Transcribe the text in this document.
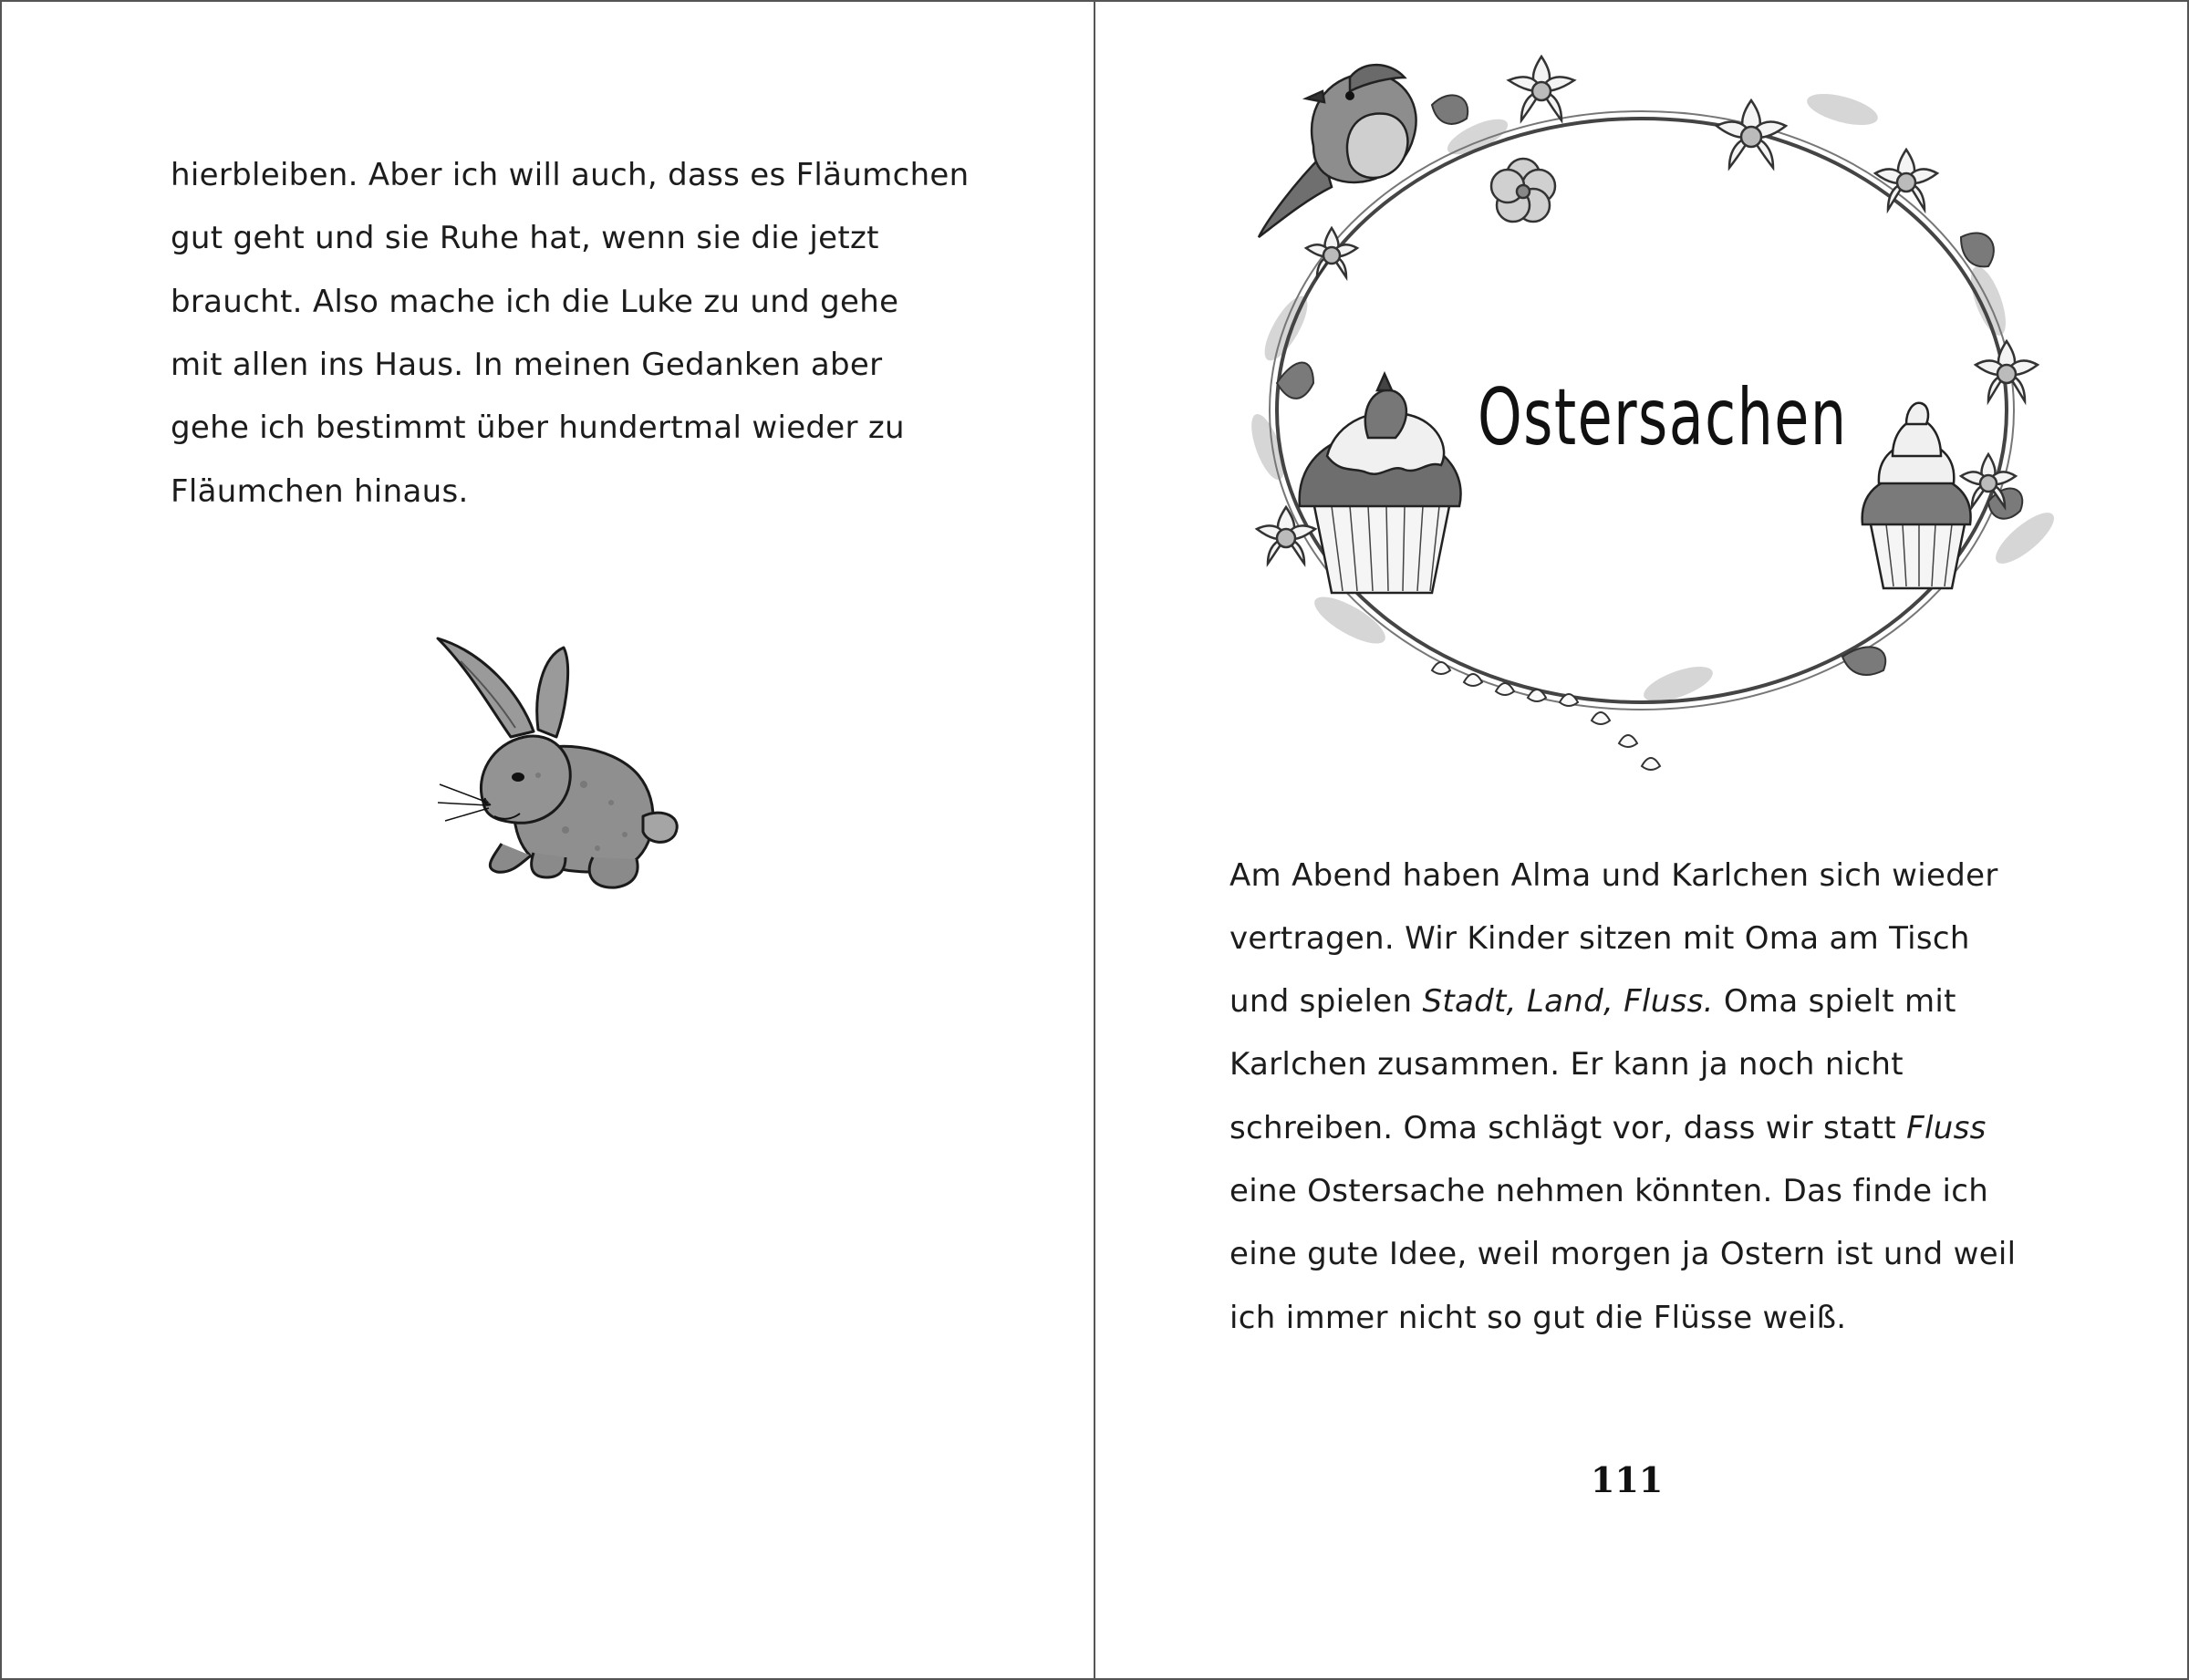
hierbleiben. Aber ich will auch, dass es Fläumchen
gut geht und sie Ruhe hat, wenn sie die jetzt
braucht. Also mache ich die Luke zu und gehe
mit allen ins Haus. In meinen Gedanken aber
gehe ich bestimmt über hundertmal wieder zu
Fläumchen hinaus.
Ostersachen
Am Abend haben Alma und Karlchen sich wieder
vertragen. Wir Kinder sitzen mit Oma am Tisch
und spielen Stadt, Land, Fluss. Oma spielt mit
Karlchen zusammen. Er kann ja noch nicht
schreiben. Oma schlägt vor, dass wir statt Fluss
eine Ostersache nehmen könnten. Das finde ich
eine gute Idee, weil morgen ja Ostern ist und weil
ich immer nicht so gut die Flüsse weiß.
111
